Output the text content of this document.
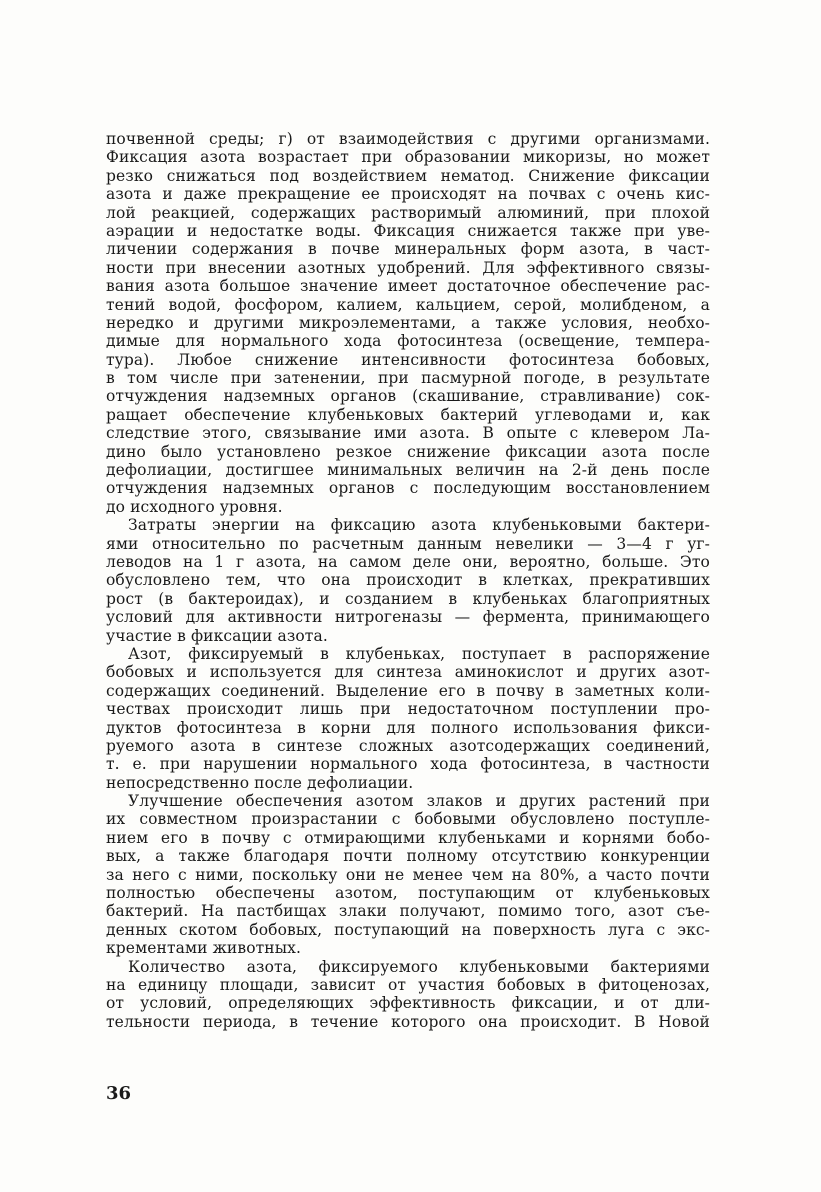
почвенной среды; г) от взаимодействия с другими организмами.
Фиксация азота возрастает при образовании микоризы, но может
резко снижаться под воздействием нематод. Снижение фиксации
азота и даже прекращение ее происходят на почвах с очень кис-
лой реакцией, содержащих растворимый алюминий, при плохой
аэрации и недостатке воды. Фиксация снижается также при уве-
личении содержания в почве минеральных форм азота, в част-
ности при внесении азотных удобрений. Для эффективного связы-
вания азота большое значение имеет достаточное обеспечение рас-
тений водой, фосфором, калием, кальцием, серой, молибденом, а
нередко и другими микроэлементами, а также условия, необхо-
димые для нормального хода фотосинтеза (освещение, темпера-
тура). Любое снижение интенсивности фотосинтеза бобовых,
в том числе при затенении, при пасмурной погоде, в результате
отчуждения надземных органов (скашивание, стравливание) сок-
ращает обеспечение клубеньковых бактерий углеводами и, как
следствие этого, связывание ими азота. В опыте с клевером Ла-
дино было установлено резкое снижение фиксации азота после
дефолиации, достигшее минимальных величин на 2-й день после
отчуждения надземных органов с последующим восстановлением
до исходного уровня.
Затраты энергии на фиксацию азота клубеньковыми бактери-
ями относительно по расчетным данным невелики — 3—4 г уг-
леводов на 1 г азота, на самом деле они, вероятно, больше. Это
обусловлено тем, что она происходит в клетках, прекративших
рост (в бактероидах), и созданием в клубеньках благоприятных
условий для активности нитрогеназы — фермента, принимающего
участие в фиксации азота.
Азот, фиксируемый в клубеньках, поступает в распоряжение
бобовых и используется для синтеза аминокислот и других азот-
содержащих соединений. Выделение его в почву в заметных коли-
чествах происходит лишь при недостаточном поступлении про-
дуктов фотосинтеза в корни для полного использования фикси-
руемого азота в синтезе сложных азотсодержащих соединений,
т. е. при нарушении нормального хода фотосинтеза, в частности
непосредственно после дефолиации.
Улучшение обеспечения азотом злаков и других растений при
их совместном произрастании с бобовыми обусловлено поступле-
нием его в почву с отмирающими клубеньками и корнями бобо-
вых, а также благодаря почти полному отсутствию конкуренции
за него с ними, поскольку они не менее чем на 80%, а часто почти
полностью обеспечены азотом, поступающим от клубеньковых
бактерий. На пастбищах злаки получают, помимо того, азот съе-
денных скотом бобовых, поступающий на поверхность луга с экс-
крементами животных.
Количество азота, фиксируемого клубеньковыми бактериями
на единицу площади, зависит от участия бобовых в фитоценозах,
от условий, определяющих эффективность фиксации, и от дли-
тельности периода, в течение которого она происходит. В Новой
36
